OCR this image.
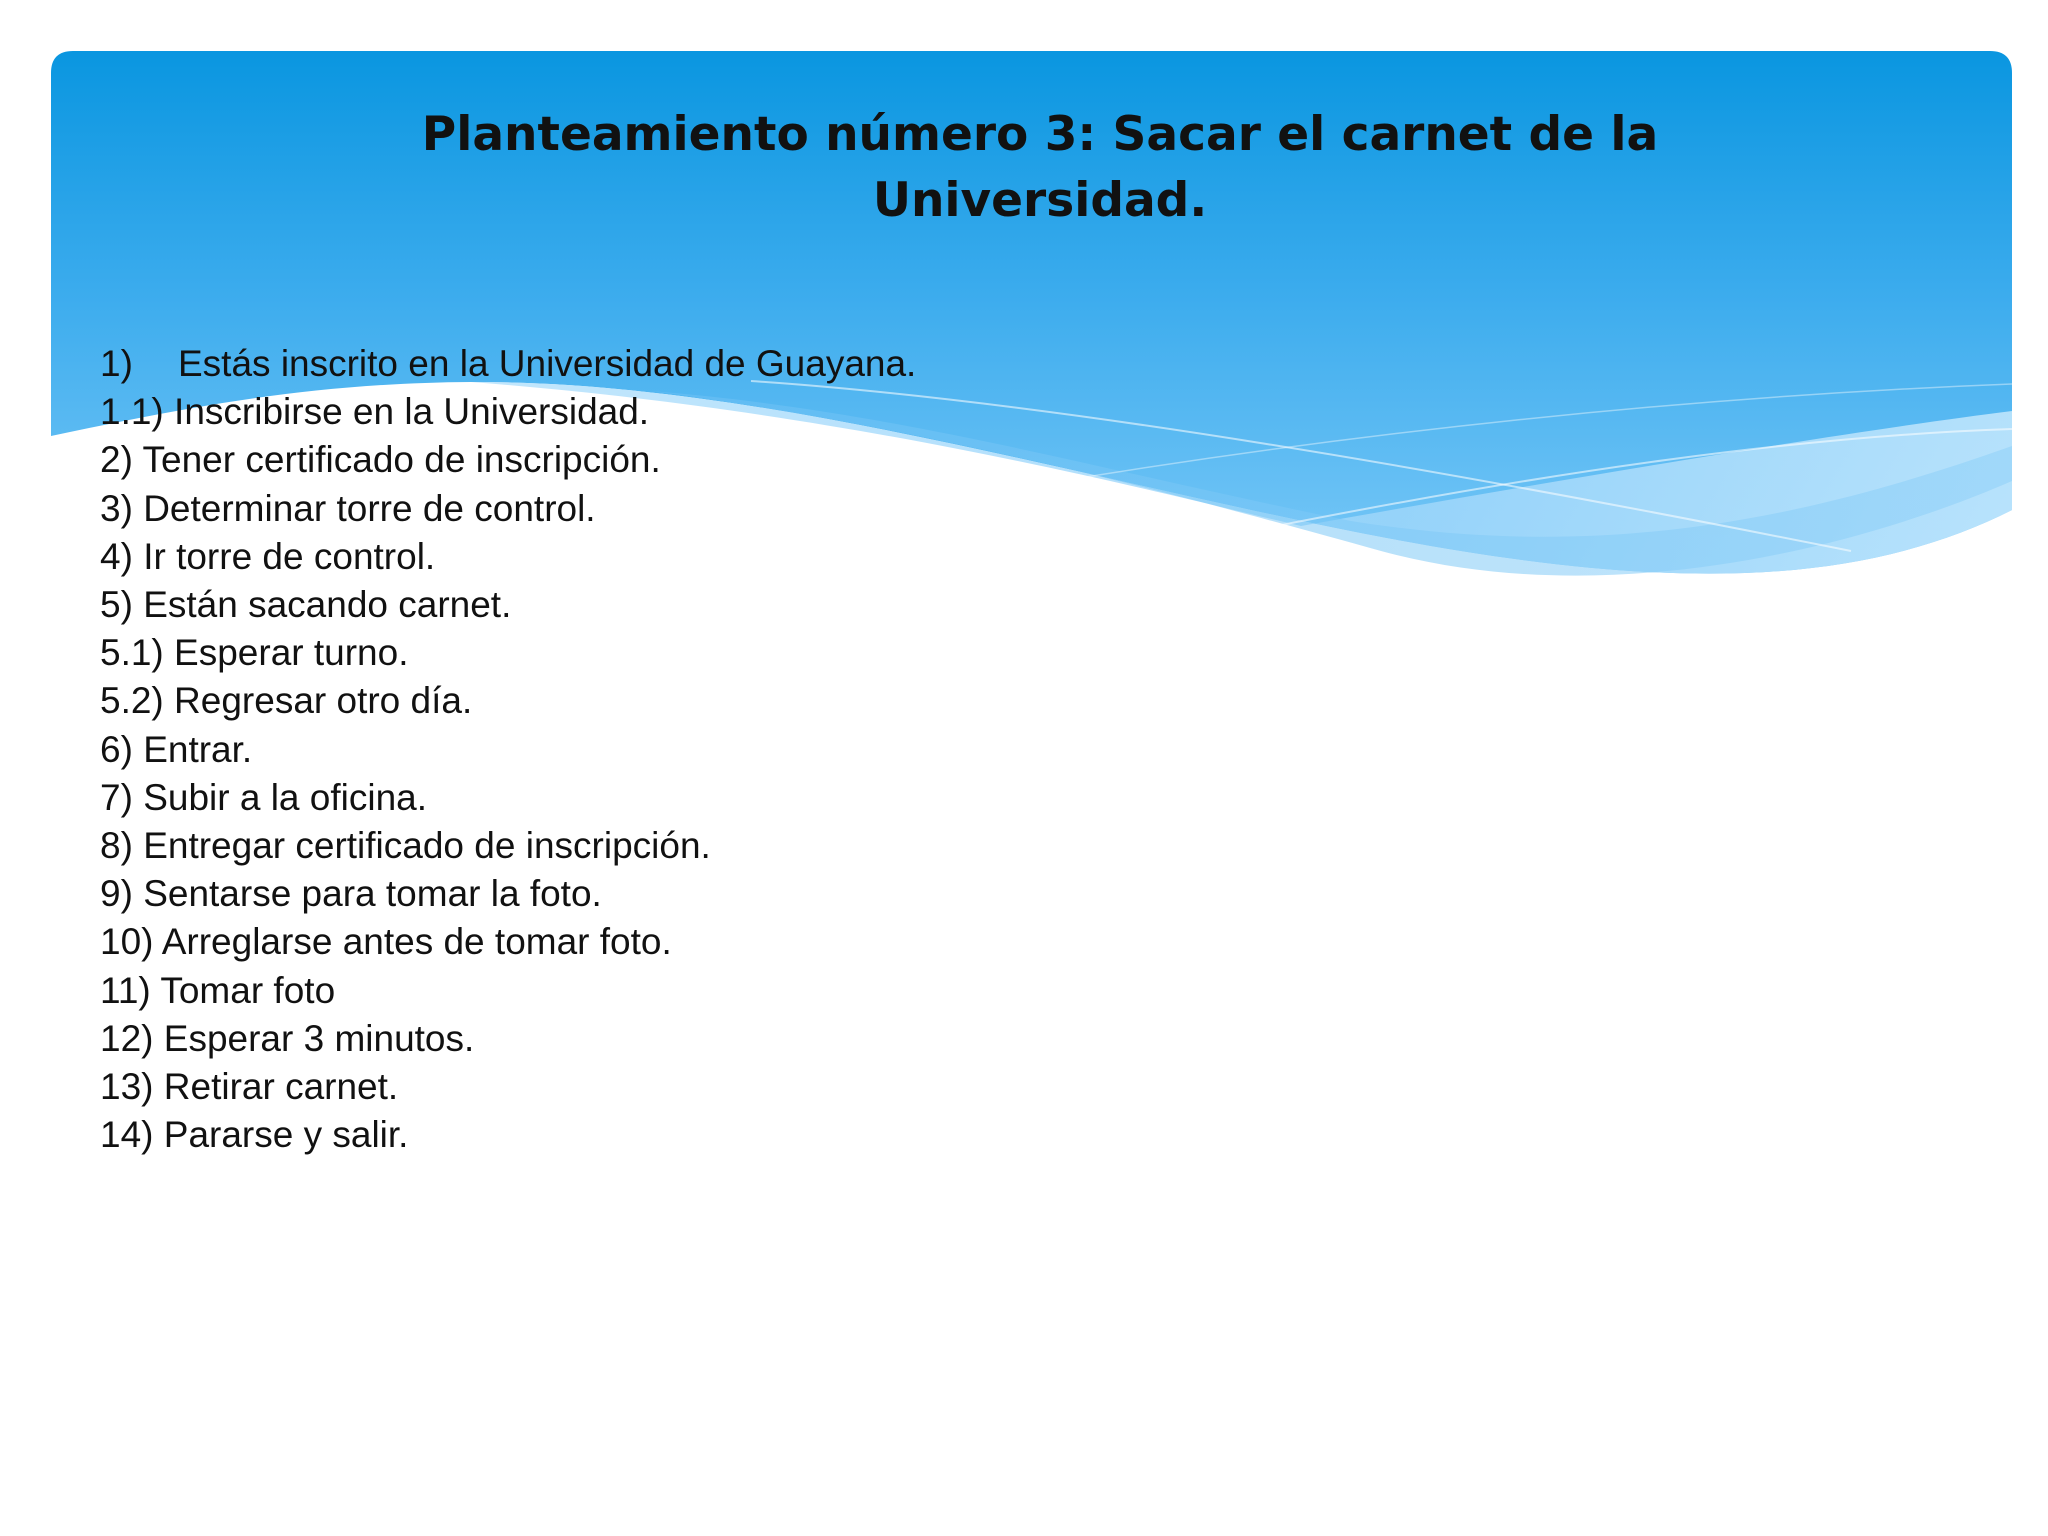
Planteamiento número 3: Sacar el carnet de la
Universidad.
1) Estás inscrito en la Universidad de Guayana.
1.1) Inscribirse en la Universidad.
2) Tener certificado de inscripción.
3) Determinar torre de control.
4) Ir torre de control.
5) Están sacando carnet.
5.1) Esperar turno.
5.2) Regresar otro día.
6) Entrar.
7) Subir a la oficina.
8) Entregar certificado de inscripción.
9) Sentarse para tomar la foto.
10) Arreglarse antes de tomar foto.
11) Tomar foto
12) Esperar 3 minutos.
13) Retirar carnet.
14) Pararse y salir.
